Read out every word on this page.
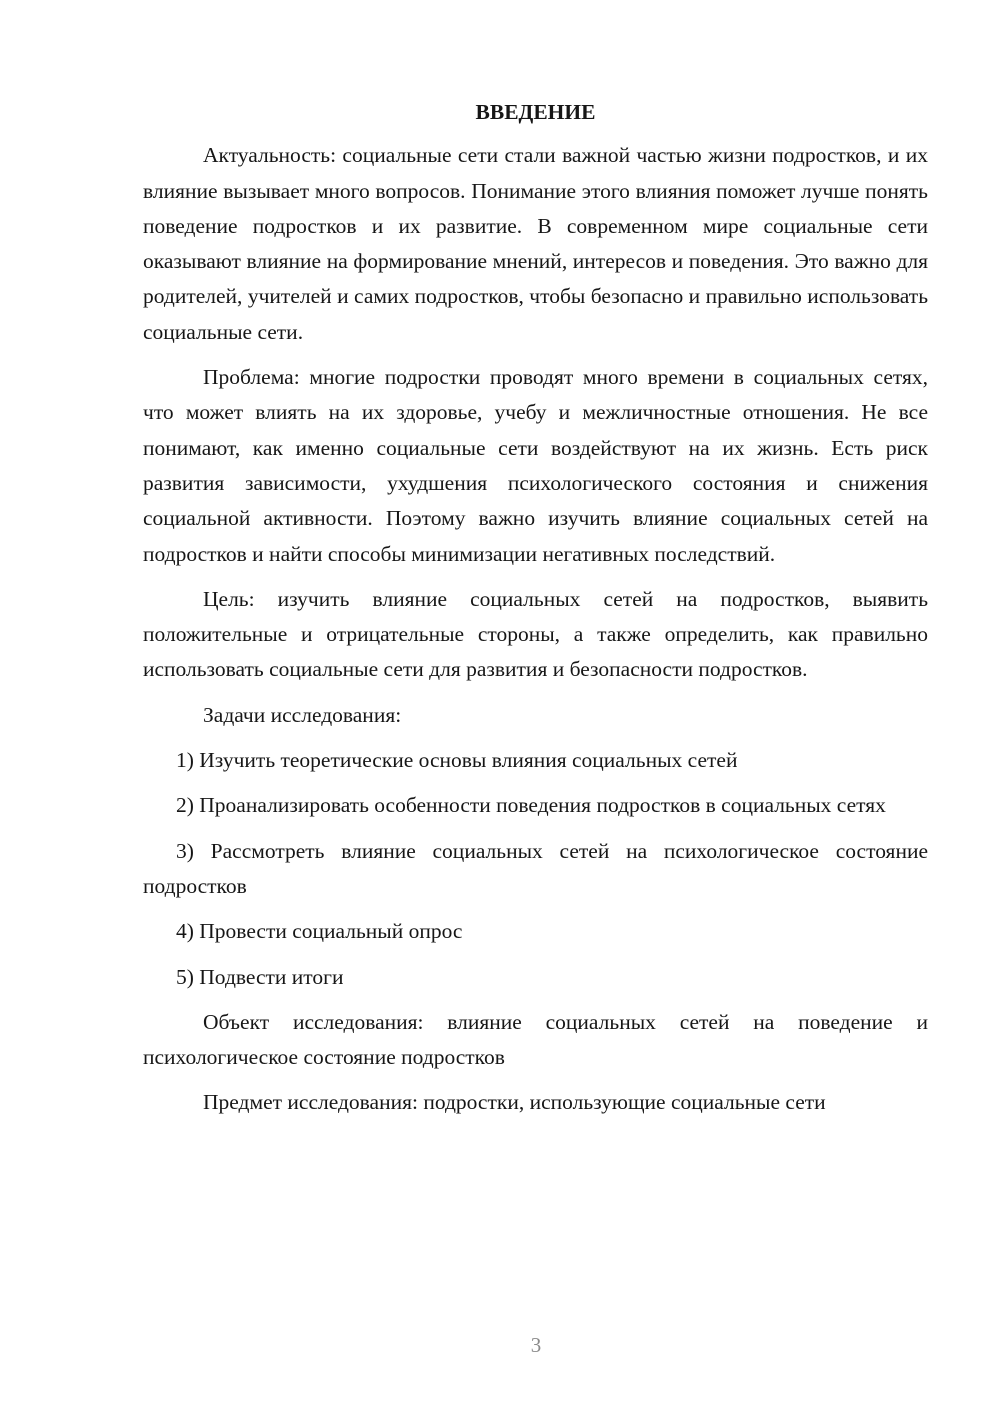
ВВЕДЕНИЕ

Актуальность: социальные сети стали важной частью жизни подростков, и их влияние вызывает много вопросов. Понимание этого влияния поможет лучше понять поведение подростков и их развитие. В современном мире социальные сети оказывают влияние на формирование мнений, интересов и поведения. Это важно для родителей, учителей и самих подростков, чтобы безопасно и правильно использовать социальные сети.

Проблема: многие подростки проводят много времени в социальных сетях, что может влиять на их здоровье, учебу и межличностные отношения. Не все понимают, как именно социальные сети воздействуют на их жизнь. Есть риск развития зависимости, ухудшения психологического состояния и снижения социальной активности. Поэтому важно изучить влияние социальных сетей на подростков и найти способы минимизации негативных последствий.

Цель: изучить влияние социальных сетей на подростков, выявить положительные и отрицательные стороны, а также определить, как правильно использовать социальные сети для развития и безопасности подростков.

Задачи исследования:

1) Изучить теоретические основы влияния социальных сетей

2) Проанализировать особенности поведения подростков в социальных сетях

3) Рассмотреть влияние социальных сетей на психологическое состояние подростков

4) Провести социальный опрос

5) Подвести итоги

Объект исследования: влияние социальных сетей на поведение и психологическое состояние подростков

Предмет исследования: подростки, использующие социальные сети

3
